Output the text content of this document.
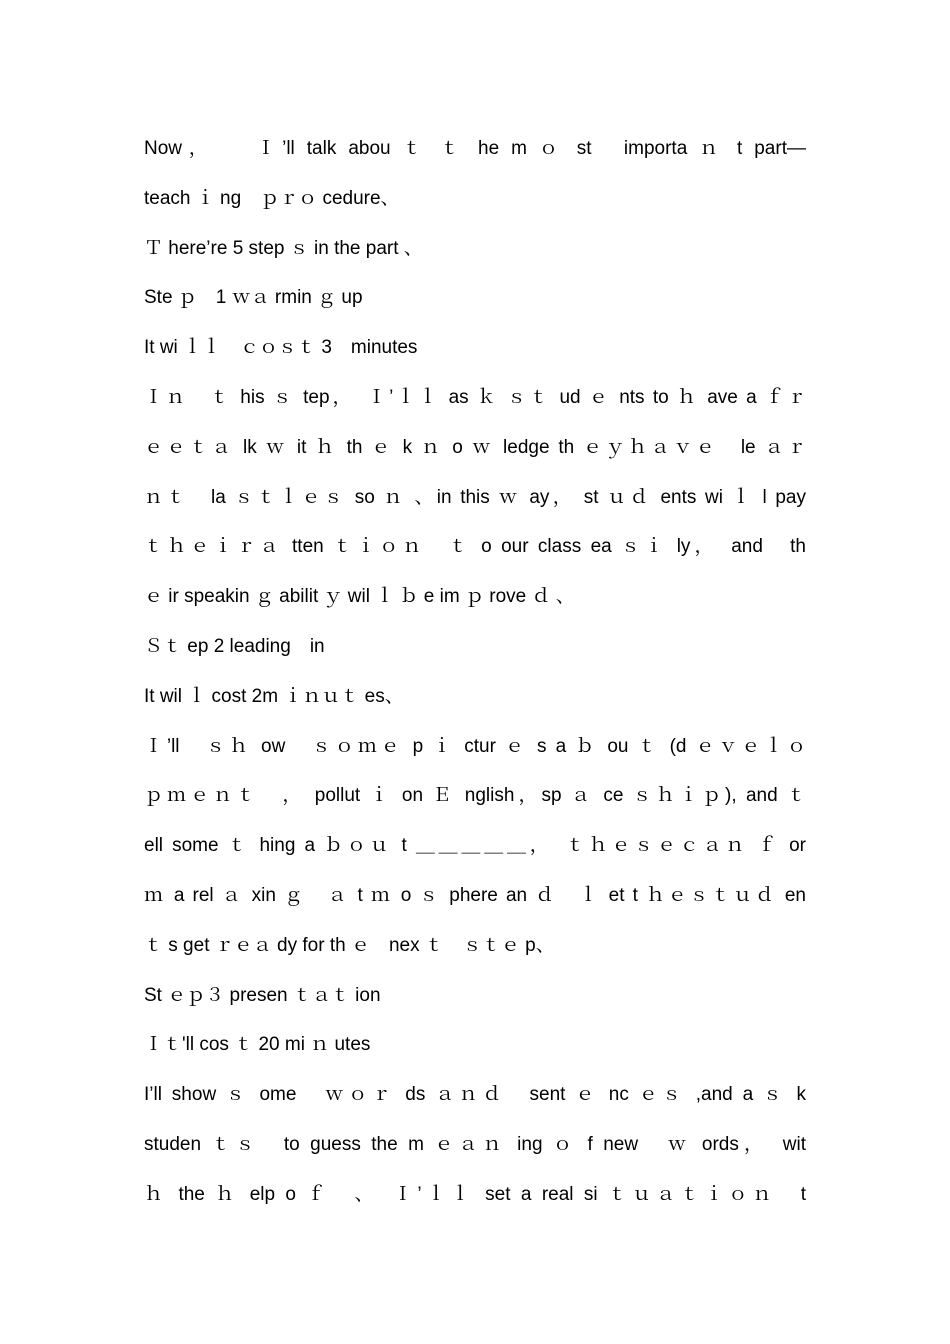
Now，　　Ｉ’ll talk abou ｔ ｔ he m ｏ st　importa ｎ t part—
teach ｉ ng　ｐｒｏ cedure、
Ｔ here’re 5 step ｓ in the part 、
Ste ｐ　1 ｗａ rmin ｇ up
It wi ｌｌ　ｃｏｓｔ 3　minutes
Ｉｎ　ｔ his ｓ tep，　Ｉ’ｌｌ as ｋ ｓｔ ud ｅ nts to ｈ ave a ｆｒ
ｅｅｔａ lk ｗ it ｈ th ｅ k ｎ o ｗ ledge th ｅｙｈａｖｅ　le ａｒ
ｎｔ　la ｓｔｌｅｓ so ｎ 、in this ｗ ay， st ｕｄ ents wi ｌ l pay
ｔｈｅｉｒａ tten ｔｉｏｎ　ｔ o our class ea ｓｉ ly，　and　th
ｅ ir speakin ｇ abilit ｙ wil ｌ ｂ e im ｐ rove ｄ 、
Ｓｔ ep 2 leading　in
It wil ｌ cost 2m ｉｎｕｔ es、
Ｉ’ll　ｓｈ ow　ｓｏｍｅ p ｉ ctur ｅ s a ｂ ou ｔ (d ｅｖｅｌｏ
ｐｍｅｎｔ　， pollut ｉ on Ｅ nglish，sp ａ ce ｓｈｉｐ), and ｔ
ell some ｔ hing a ｂｏｕ t ＿＿＿＿＿，　ｔｈｅｓｅｃａｎ ｆ or
ｍ a rel ａ xin ｇ　ａ t ｍ o ｓ phere an ｄ　ｌ et t ｈｅｓｔｕｄ en
ｔ s get ｒｅａ dy for th ｅ　nex ｔ　ｓｔｅ p、
St ｅｐ３ presen ｔａｔ ion
Ｉｔ'll cos ｔ 20 mi ｎ utes
I’ll show ｓ ome　ｗｏｒ ds ａｎｄ　sent ｅ nc ｅｓ ,and a ｓ k
studen ｔｓ　to guess the m ｅａｎ ing ｏ f new　ｗ ords，　wit
ｈ the ｈ elp o ｆ　、　Ｉ’ｌｌ set a real si ｔｕａｔｉｏｎ　t
